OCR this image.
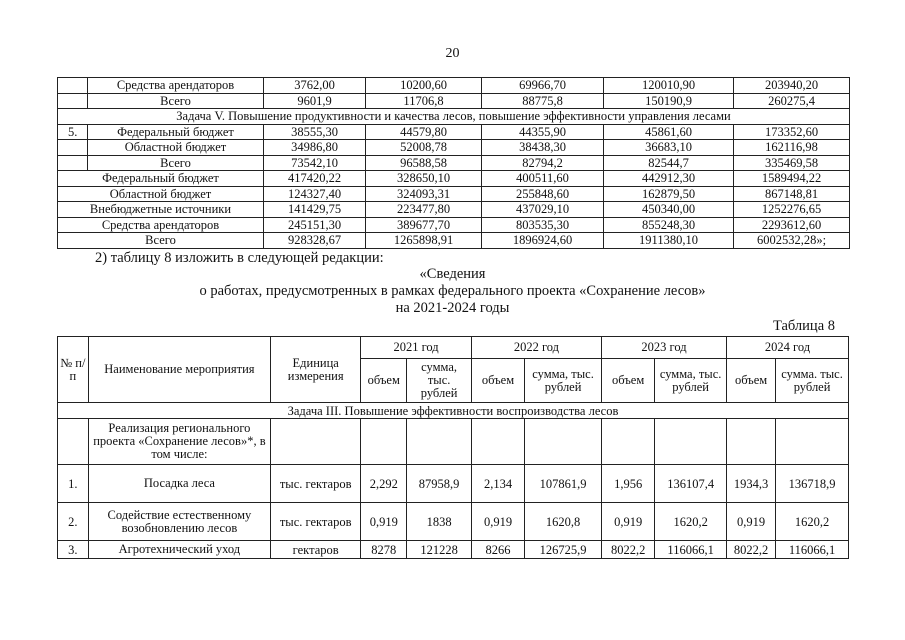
20
	Средства арендаторов	3762,00	10200,60	69966,70	120010,90	203940,20
	Всего	9601,9	11706,8	88775,8	150190,9	260275,4
Задача V. Повышение продуктивности и качества лесов, повышение эффективности управления лесами						
5.	Федеральный бюджет	38555,30	44579,80	44355,90	45861,60	173352,60
	Областной бюджет	34986,80	52008,78	38438,30	36683,10	162116,98
	Всего	73542,10	96588,58	82794,2	82544,7	335469,58
Федеральный бюджет		417420,22	328650,10	400511,60	442912,30	1589494,22
Областной бюджет		124327,40	324093,31	255848,60	162879,50	867148,81
Внебюджетные источники		141429,75	223477,80	437029,10	450340,00	1252276,65
Средства арендаторов		245151,30	389677,70	803535,30	855248,30	2293612,60
Всего		928328,67	1265898,91	1896924,60	1911380,10	6002532,28»;
2) таблицу 8 изложить в следующей редакции:
«Сведения
о работах, предусмотренных в рамках федерального проекта «Сохранение лесов»
на 2021-2024 годы
Таблица 8
№ п/п	Наименование мероприятия	Единица измерения	2021 год		2022 год		2023 год		2024 год	
			объем	сумма, тыс. рублей	объем	сумма, тыс. рублей	объем	сумма, тыс. рублей	объем	сумма. тыс. рублей
Задача III. Повышение эффективности воспроизводства лесов										
	Реализация регионального проекта «Сохранение лесов»*, в том числе:									
1.	Посадка леса	тыс. гектаров	2,292	87958,9	2,134	107861,9	1,956	136107,4	1934,3	136718,9
2.	Содействие естественному возобновлению лесов	тыс. гектаров	0,919	1838	0,919	1620,8	0,919	1620,2	0,919	1620,2
3.	Агротехнический уход	гектаров	8278	121228	8266	126725,9	8022,2	116066,1	8022,2	116066,1
